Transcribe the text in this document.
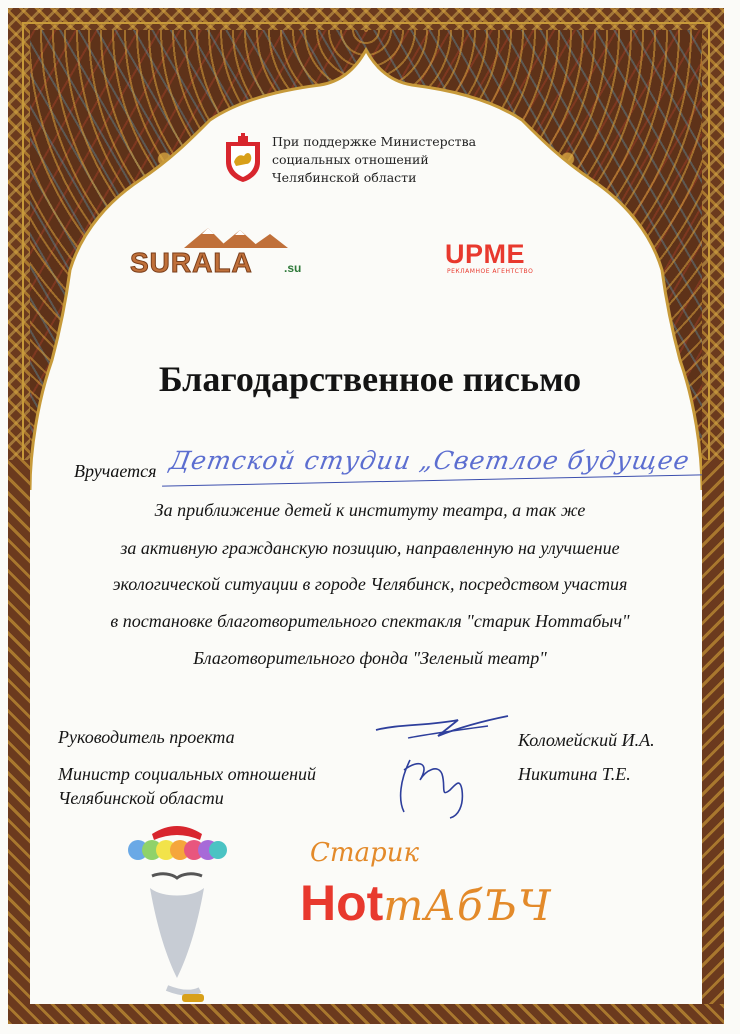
При поддержке Министерства
социальных отношений
Челябинской области
SURALA	.su	UPME
РЕКЛАМНОЕ АГЕНТСТВО
Благодарственное письмо
Вручается Детской студии „Светлое будущее
За приближение детей к институту театра, а так же
за активную гражданскую позицию, направленную на улучшение
экологической ситуации в городе Челябинск, посредством участия
в постановке благотворительного спектакля "старик Hoттабыч"
Благотворительного фонда "Зеленый театр"
Руководитель проекта	Коломейский И.А.
Министр социальных отношений
Челябинской области
Никитина Т.Е.
Старик
HotтАбЪЧ
